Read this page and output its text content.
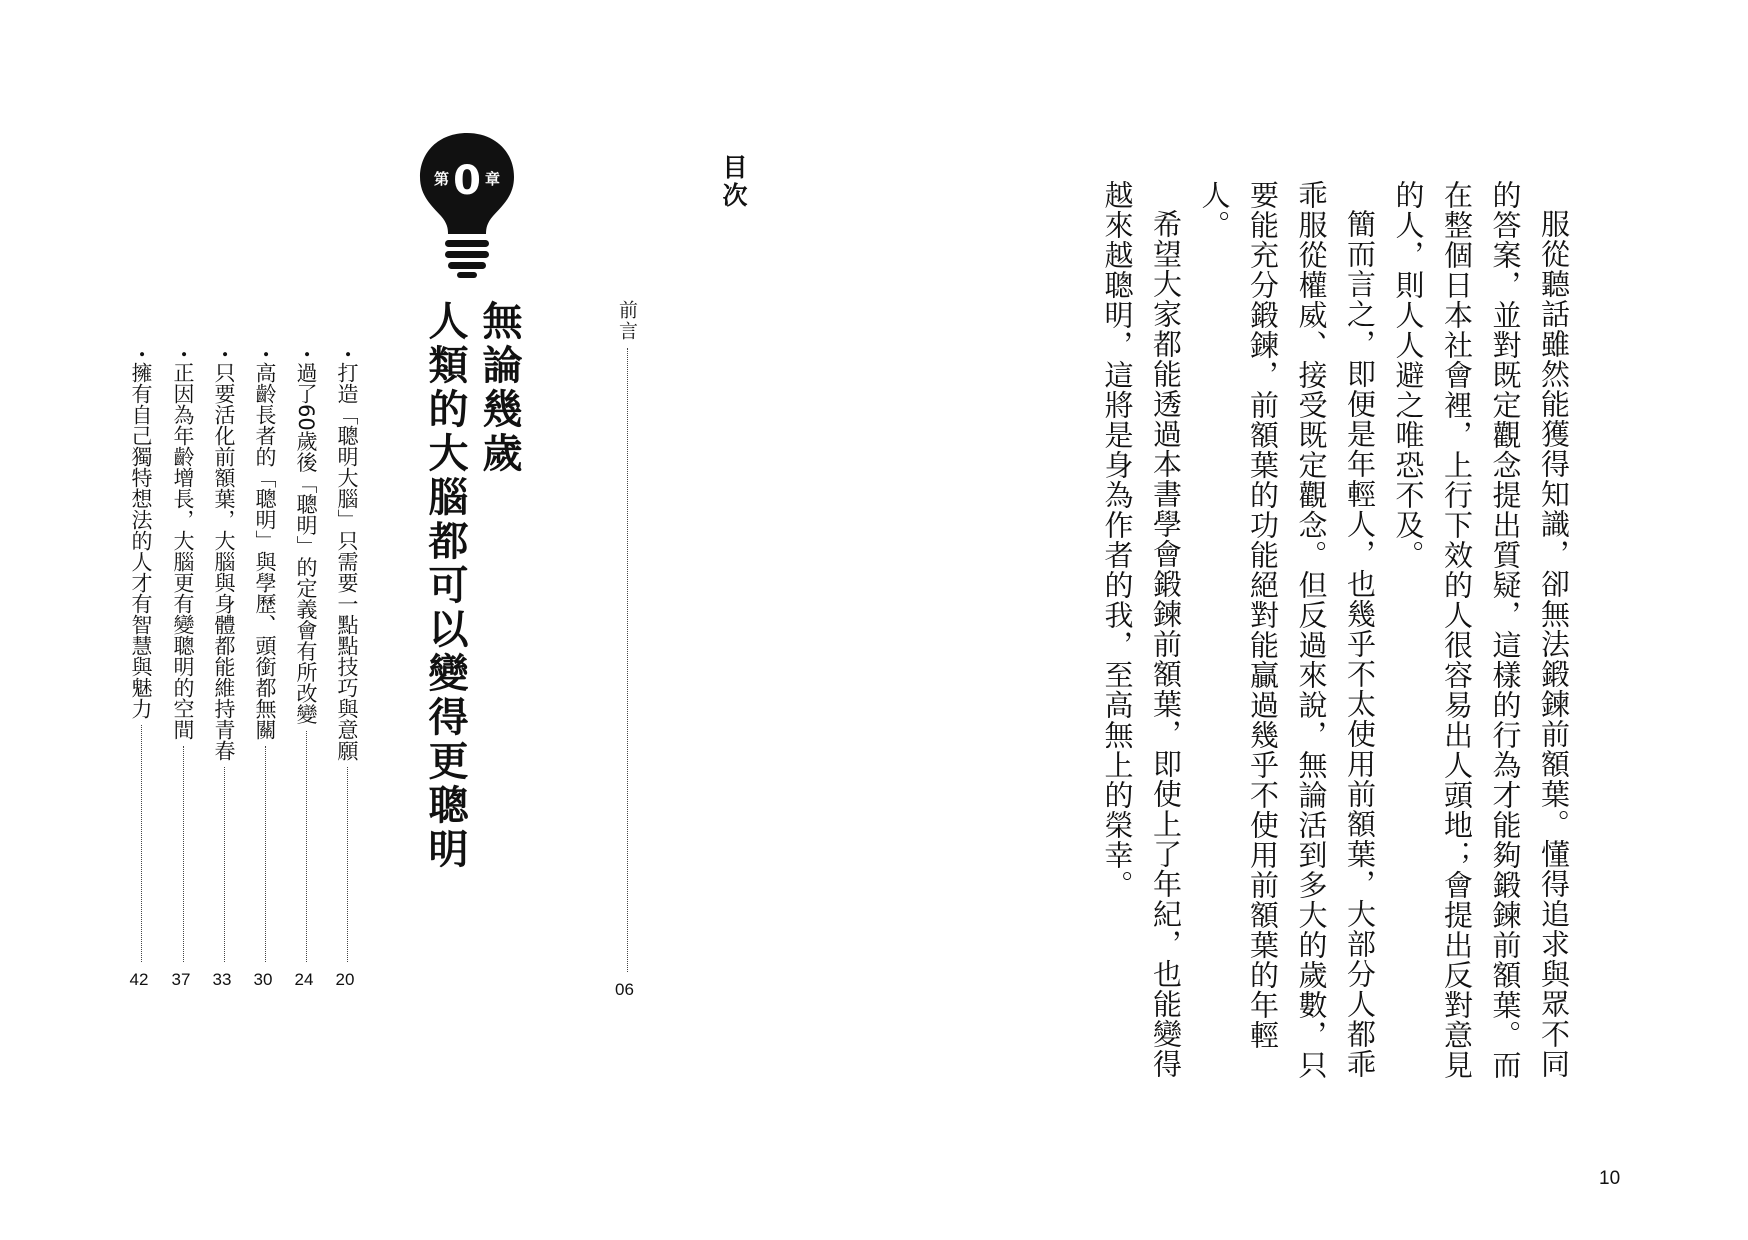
目次
前言
06
第 0 章
無論幾歲
人類的大腦都可以變得更聰明
•
打造「聰明大腦」只需要一點點技巧與意願
20
•
過了60歲後「聰明」的定義會有所改變
24
•
高齡長者的「聰明」與學歷、頭銜都無關
30
•
只要活化前額葉，大腦與身體都能維持青春
33
•
正因為年齡增長，大腦更有變聰明的空間
37
•
擁有自己獨特想法的人才有智慧與魅力
42	服從聽話雖然能獲得知識，卻無法鍛鍊前額葉。懂得追求與眾不同的答案，並對既定觀念提出質疑，這樣的行為才能夠鍛鍊前額葉。而在整個日本社會裡，上行下效的人很容易出人頭地；會提出反對意見的人，則人人避之唯恐不及。

簡而言之，即便是年輕人，也幾乎不太使用前額葉，大部分人都乖乖服從權威、接受既定觀念。但反過來說，無論活到多大的歲數，只要能充分鍛鍊，前額葉的功能絕對能贏過幾乎不使用前額葉的年輕人。

希望大家都能透過本書學會鍛鍊前額葉，即使上了年紀，也能變得越來越聰明，這將是身為作者的我，至高無上的榮幸。

10
